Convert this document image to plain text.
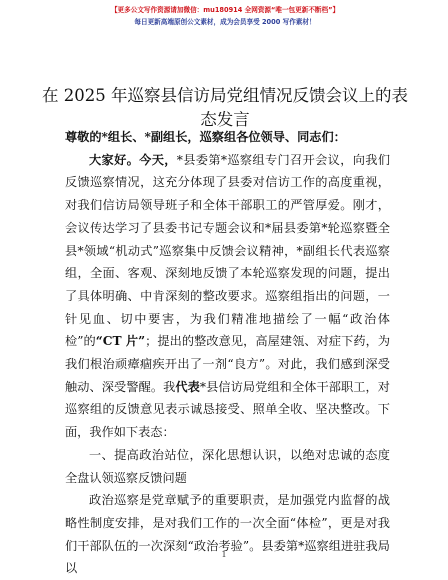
【更多公文写作资源请加微信：mu180914 全网资源“唯一包更新不断档”】
每日更新高端原创公文素材，成为会员享受 2000 写作素材！
在 2025 年巡察县信访局党组情况反馈会议上的表态发言

尊敬的*组长、*副组长，巡察组各位领导、同志们：

大家好。今天，*县委第*巡察组专门召开会议，向我们反馈巡察情况，这充分体现了县委对信访工作的高度重视，对我们信访局领导班子和全体干部职工的严管厚爱。刚才，会议传达学习了县委书记专题会议和*届县委第*轮巡察暨全县*领域“机动式”巡察集中反馈会议精神，*副组长代表巡察组，全面、客观、深刻地反馈了本轮巡察发现的问题，提出了具体明确、中肯深刻的整改要求。巡察组指出的问题，一针见血、切中要害，为我们精准地描绘了一幅“政治体检”的“CT 片”；提出的整改意见，高屋建瓴、对症下药，为我们根治顽瘴痼疾开出了一剂“良方”。对此，我们感到深受触动、深受警醒。我代表*县信访局党组和全体干部职工，对巡察组的反馈意见表示诚恳接受、照单全收、坚决整改。下面，我作如下表态：

一、提高政治站位，深化思想认识，以绝对忠诚的态度全盘认领巡察反馈问题

政治巡察是党章赋予的重要职责，是加强党内监督的战略性制度安排，是对我们工作的一次全面“体检”，更是对我们干部队伍的一次深刻“政治考验”。县委第*巡察组进驻我局以

1
